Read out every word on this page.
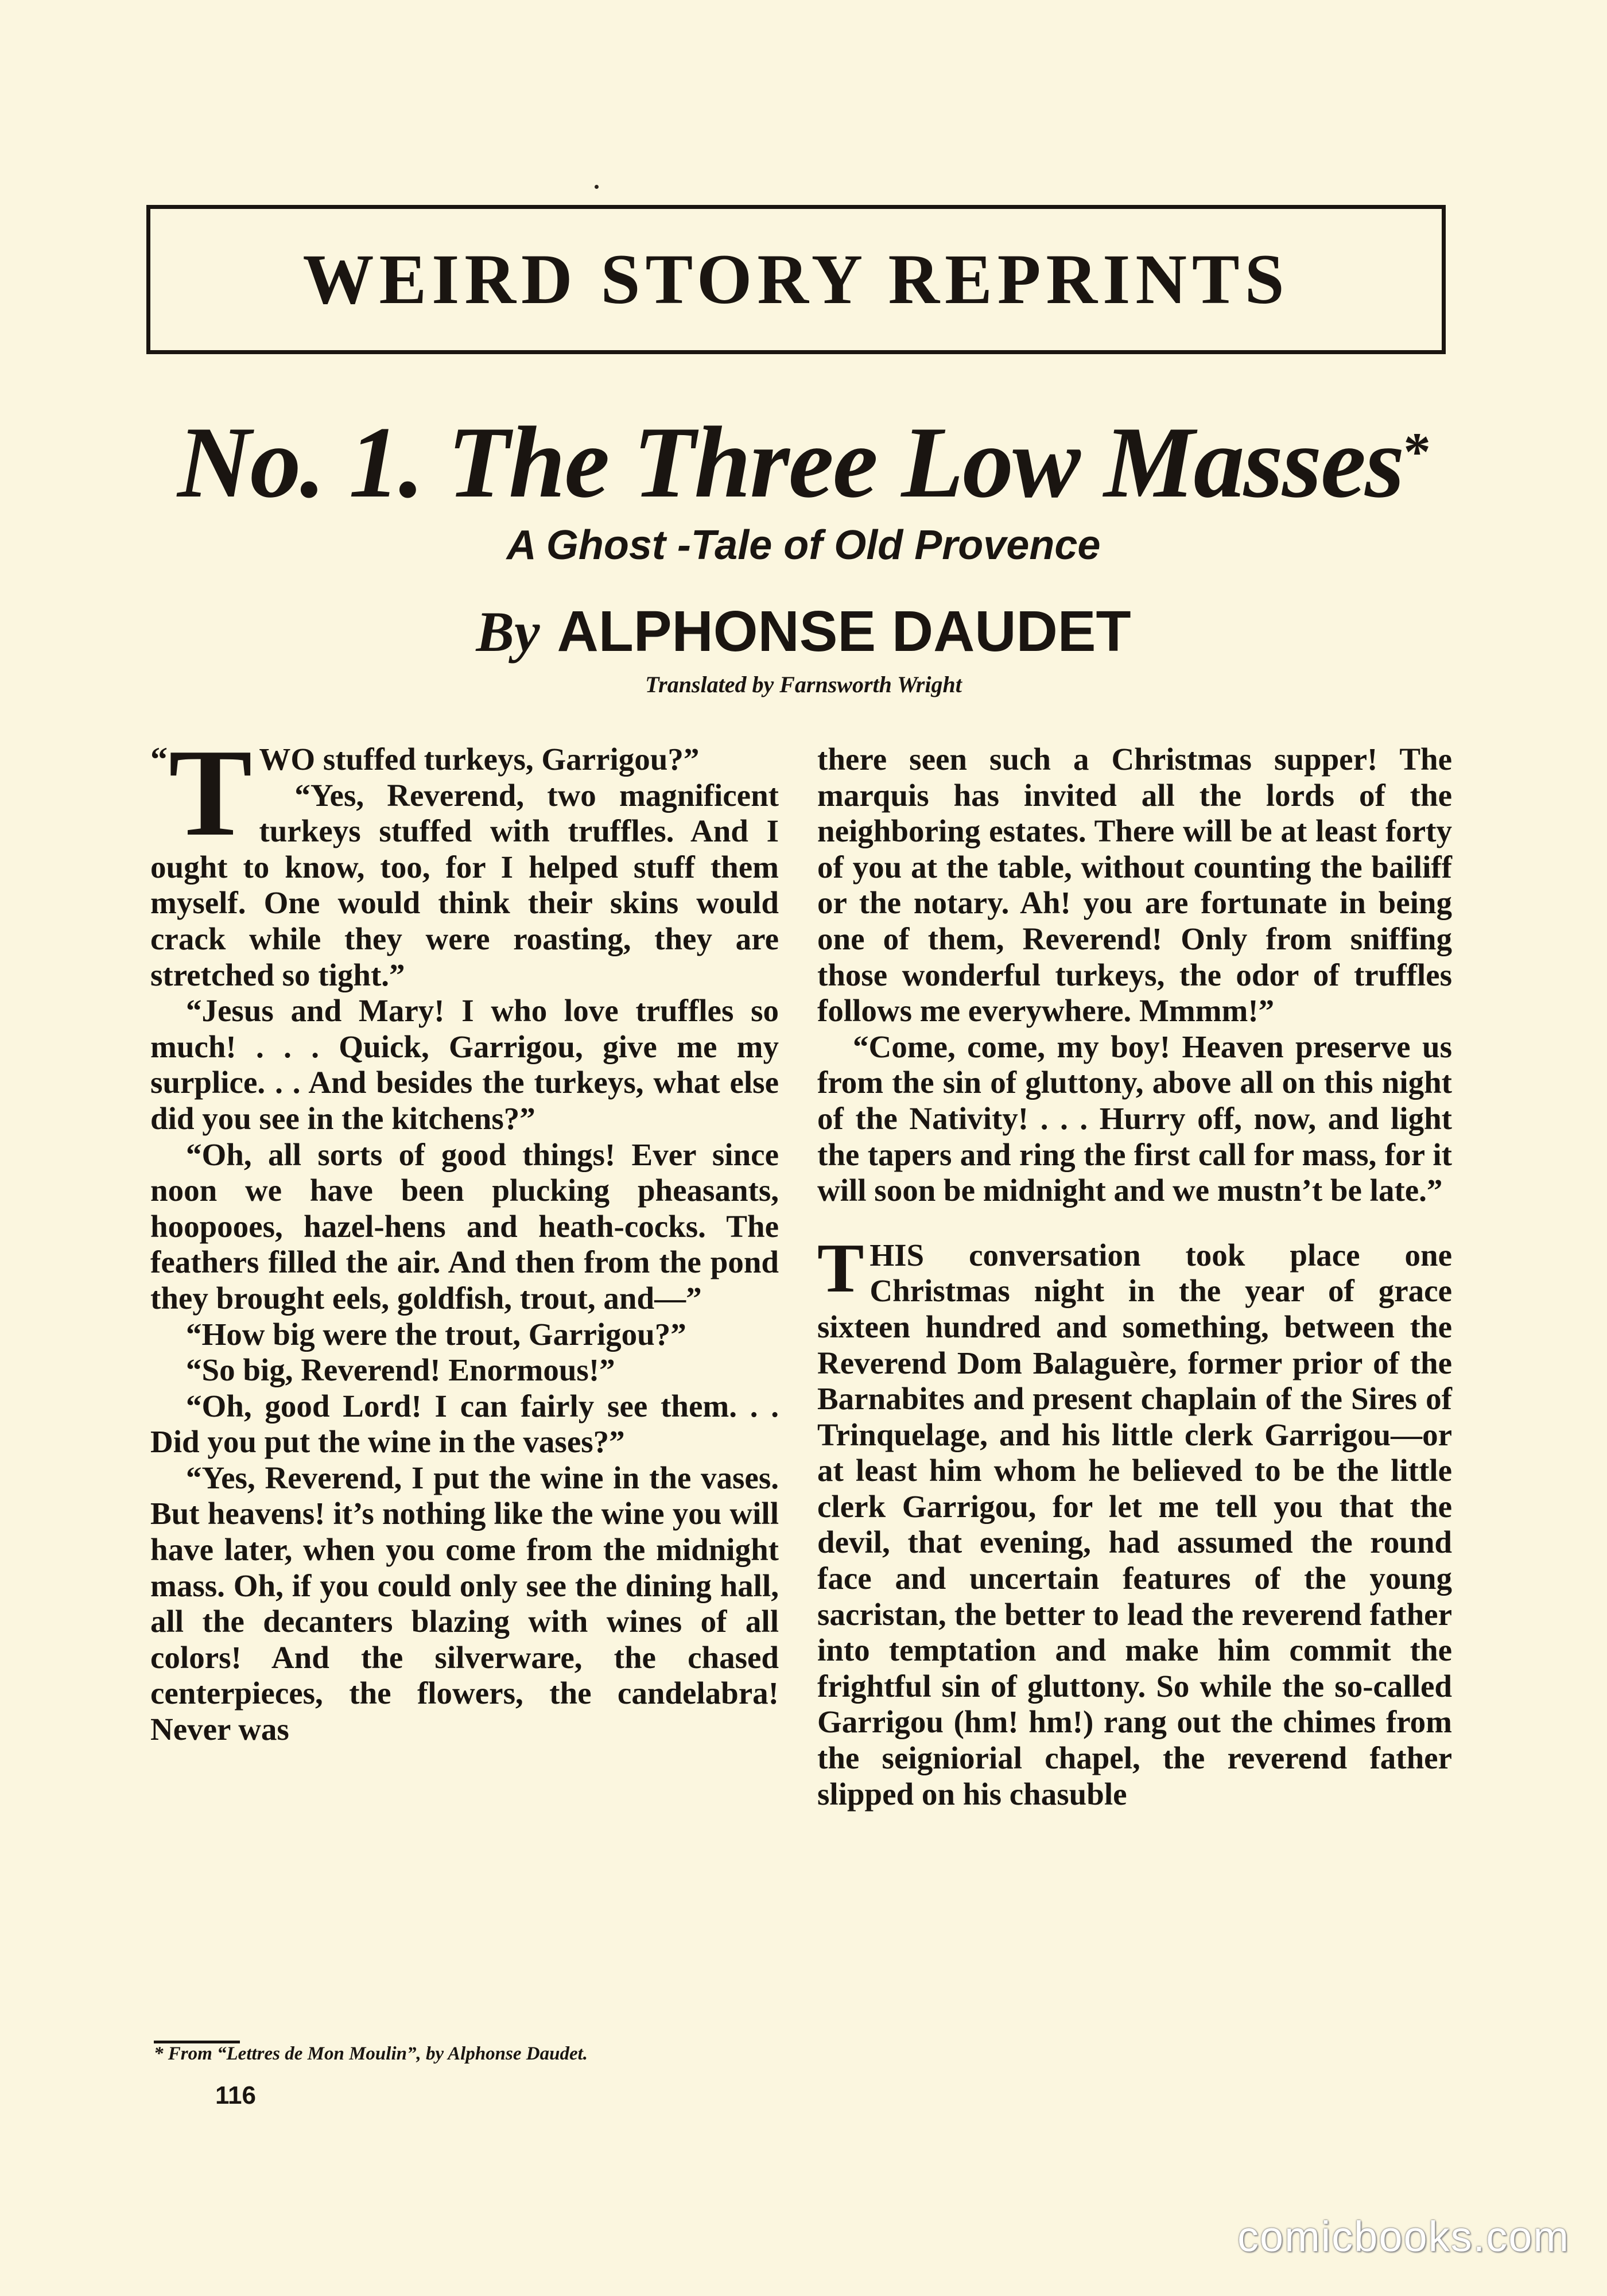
WEIRD STORY REPRINTS
No. 1. The Three Low Masses*
A Ghost -Tale of Old Provence
By ALPHONSE DAUDET
Translated by Farnsworth Wright

“ T WO stuffed turkeys, Garrigou?”

“Yes, Reverend, two magnificent turkeys stuffed with truffles. And I ought to know, too, for I helped stuff them myself. One would think their skins would crack while they were roasting, they are stretched so tight.”

“Jesus and Mary! I who love truffles so much! . . . Quick, Garrigou, give me my surplice. . . And besides the turkeys, what else did you see in the kitchens?”

“Oh, all sorts of good things! Ever since noon we have been plucking pheasants, hoopooes, hazel-hens and heath-cocks. The feathers filled the air. And then from the pond they brought eels, goldfish, trout, and—”

“How big were the trout, Garrigou?”

“So big, Reverend! Enormous!”

“Oh, good Lord! I can fairly see them. . . Did you put the wine in the vases?”

“Yes, Reverend, I put the wine in the vases. But heavens! it’s nothing like the wine you will have later, when you come from the midnight mass. Oh, if you could only see the dining hall, all the decanters blazing with wines of all colors! And the silverware, the chased centerpieces, the flowers, the candelabra! Never was

there seen such a Christmas supper! The marquis has invited all the lords of the neighboring estates. There will be at least forty of you at the table, without counting the bailiff or the notary. Ah! you are fortunate in being one of them, Reverend! Only from sniffing those wonderful turkeys, the odor of truffles follows me everywhere. Mmmm!”

“Come, come, my boy! Heaven preserve us from the sin of gluttony, above all on this night of the Nativity! . . . Hurry off, now, and light the tapers and ring the first call for mass, for it will soon be midnight and we mustn’t be late.”

THIS conversation took place one Christmas night in the year of grace sixteen hundred and something, between the Reverend Dom Balaguère, former prior of the Barnabites and present chaplain of the Sires of Trinquelage, and his little clerk Garrigou—or at least him whom he believed to be the little clerk Garrigou, for let me tell you that the devil, that evening, had assumed the round face and uncertain features of the young sacristan, the better to lead the reverend father into temptation and make him commit the frightful sin of gluttony. So while the so-called Garrigou (hm! hm!) rang out the chimes from the seigniorial chapel, the reverend father slipped on his chasuble

* From “Lettres de Mon Moulin”, by Alphonse Daudet.
116
comicbooks.com
